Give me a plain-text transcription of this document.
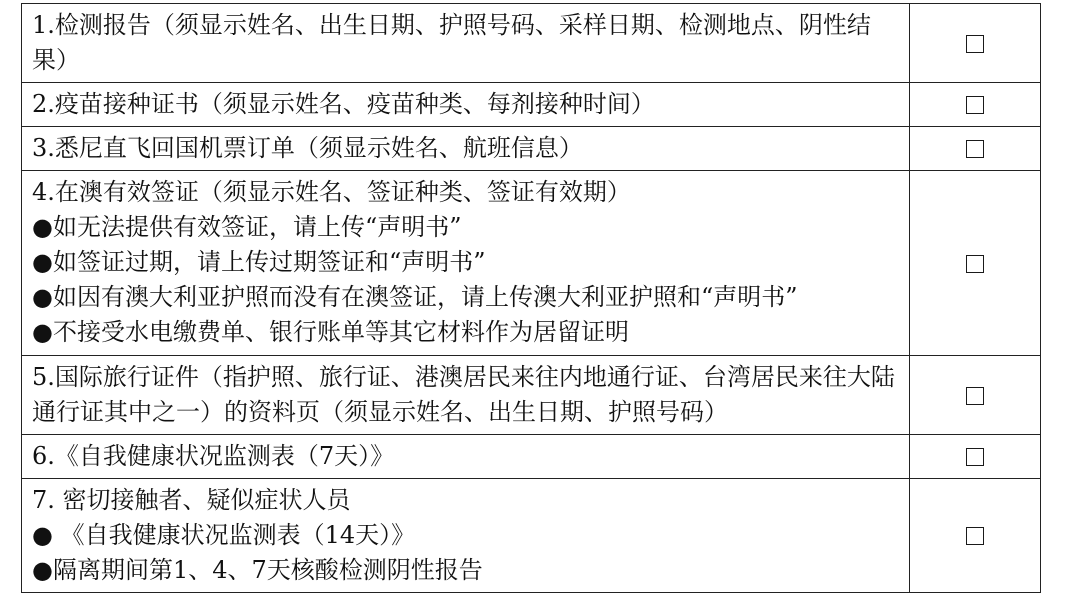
1.检测报告（须显示姓名、出生日期、护照号码、采样日期、检测地点、阴性结果）	

2.疫苗接种证书（须显示姓名、疫苗种类、每剂接种时间）	

3.悉尼直飞回国机票订单（须显示姓名、航班信息）	

4.在澳有效签证（须显示姓名、签证种类、签证有效期）
●如无法提供有效签证，请上传“声明书”
●如签证过期，请上传过期签证和“声明书”
●如因有澳大利亚护照而没有在澳签证，请上传澳大利亚护照和“声明书”
●不接受水电缴费单、银行账单等其它材料作为居留证明	

5.国际旅行证件（指护照、旅行证、港澳居民来往内地通行证、台湾居民来往大陆通行证其中之一）的资料页（须显示姓名、出生日期、护照号码）	

6.《自我健康状况监测表（7天）》	

7. 密切接触者、疑似症状人员
● 《自我健康状况监测表（14天）》
●隔离期间第1、4、7天核酸检测阴性报告	
